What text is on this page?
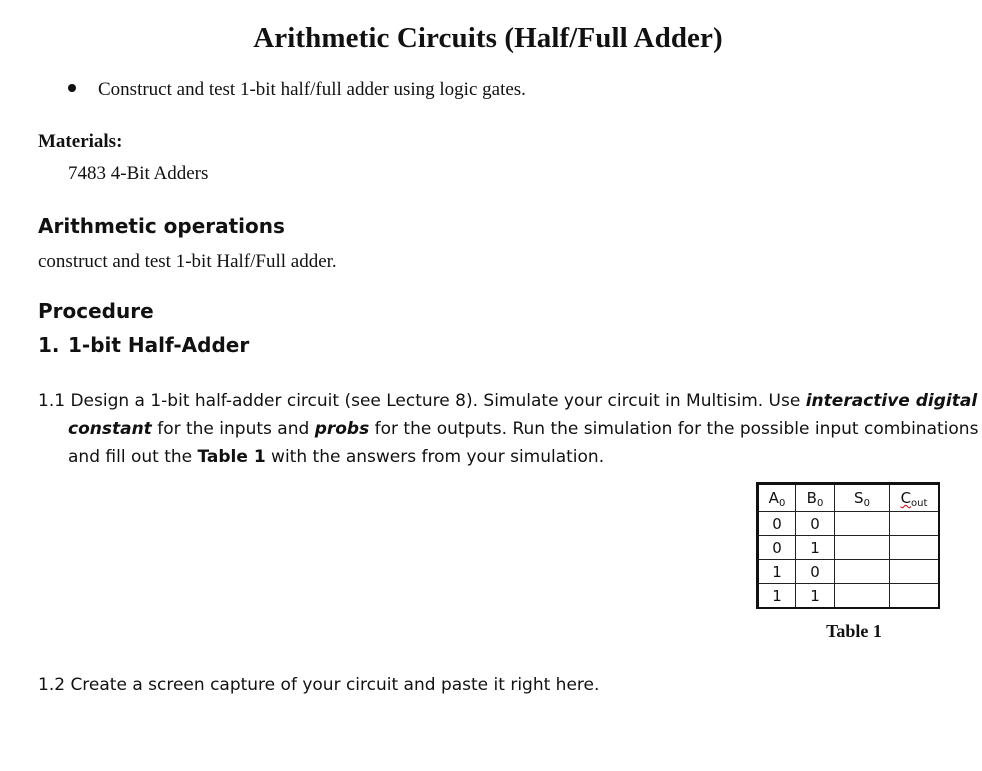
Arithmetic Circuits (Half/Full Adder)
Construct and test 1-bit half/full adder using logic gates.
Materials:
7483 4-Bit Adders
Arithmetic operations
construct and test 1-bit Half/Full adder.
Procedure
1. 1-bit Half-Adder
1.1 Design a 1-bit half-adder circuit (see Lecture 8). Simulate your circuit in Multisim. Use interactive digital
constant for the inputs and probs for the outputs. Run the simulation for the possible input combinations
and fill out the Table 1 with the answers from your simulation.
$A_0$	$B_0$	$S_0$	$C_{out}$
0	0		
0	1		
1	0		
1	1		
Table 1
1.2 Create a screen capture of your circuit and paste it right here.
